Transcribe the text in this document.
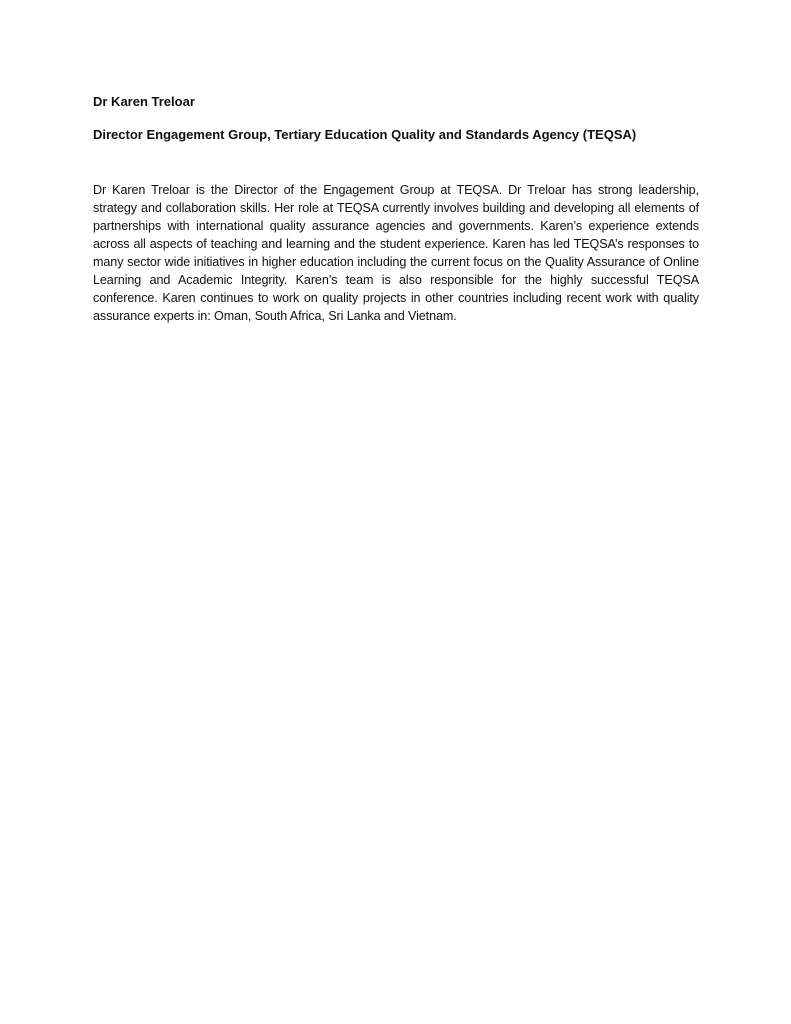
Dr Karen Treloar

Director Engagement Group, Tertiary Education Quality and Standards Agency (TEQSA)

Dr Karen Treloar is the Director of the Engagement Group at TEQSA. Dr Treloar has strong leadership, strategy and collaboration skills. Her role at TEQSA currently involves building and developing all elements of partnerships with international quality assurance agencies and governments. Karen’s experience extends across all aspects of teaching and learning and the student experience. Karen has led TEQSA’s responses to many sector wide initiatives in higher education including the current focus on the Quality Assurance of Online Learning and Academic Integrity. Karen’s team is also responsible for the highly successful TEQSA conference. Karen continues to work on quality projects in other countries including recent work with quality assurance experts in: Oman, South Africa, Sri Lanka and Vietnam.
